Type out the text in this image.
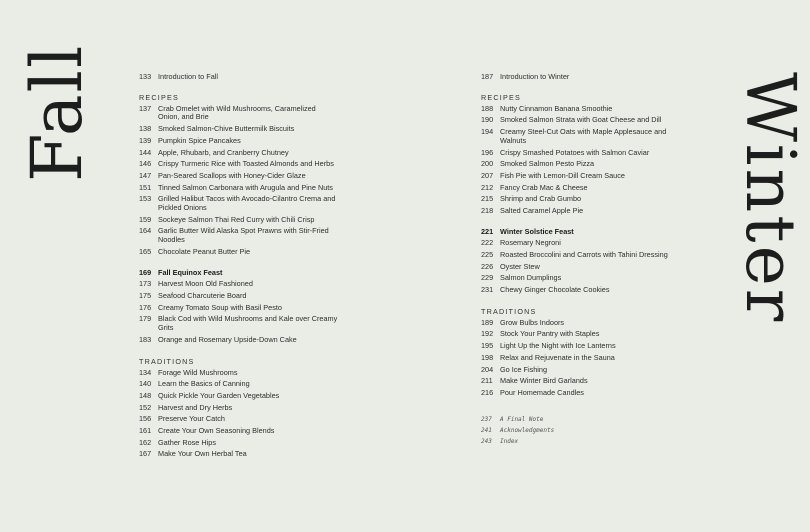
Fall	133 Introduction to Fall
RECIPES
137 Crab Omelet with Wild Mushrooms, Caramelized Onion, and Brie
138 Smoked Salmon-Chive Buttermilk Biscuits
139 Pumpkin Spice Pancakes
144 Apple, Rhubarb, and Cranberry Chutney
146 Crispy Turmeric Rice with Toasted Almonds and Herbs
147 Pan-Seared Scallops with Honey-Cider Glaze
151 Tinned Salmon Carbonara with Arugula and Pine Nuts
153 Grilled Halibut Tacos with Avocado-Cilantro Crema and Pickled Onions
159 Sockeye Salmon Thai Red Curry with Chili Crisp
164 Garlic Butter Wild Alaska Spot Prawns with Stir-Fried Noodles
165 Chocolate Peanut Butter Pie
169 Fall Equinox Feast
173 Harvest Moon Old Fashioned
175 Seafood Charcuterie Board
176 Creamy Tomato Soup with Basil Pesto
179 Black Cod with Wild Mushrooms and Kale over Creamy Grits
183 Orange and Rosemary Upside-Down Cake
TRADITIONS
134 Forage Wild Mushrooms
140 Learn the Basics of Canning
148 Quick Pickle Your Garden Vegetables
152 Harvest and Dry Herbs
156 Preserve Your Catch
161 Create Your Own Seasoning Blends
162 Gather Rose Hips
167 Make Your Own Herbal Tea
187 Introduction to Winter
RECIPES
188 Nutty Cinnamon Banana Smoothie
190 Smoked Salmon Strata with Goat Cheese and Dill
194 Creamy Steel-Cut Oats with Maple Applesauce and Walnuts
196 Crispy Smashed Potatoes with Salmon Caviar
200 Smoked Salmon Pesto Pizza
207 Fish Pie with Lemon-Dill Cream Sauce
212 Fancy Crab Mac & Cheese
215 Shrimp and Crab Gumbo
218 Salted Caramel Apple Pie
221 Winter Solstice Feast
222 Rosemary Negroni
225 Roasted Broccolini and Carrots with Tahini Dressing
226 Oyster Stew
229 Salmon Dumplings
231 Chewy Ginger Chocolate Cookies
TRADITIONS
189 Grow Bulbs Indoors
192 Stock Your Pantry with Staples
195 Light Up the Night with Ice Lanterns
198 Relax and Rejuvenate in the Sauna
204 Go Ice Fishing
211	Make Winter Bird Garlands
216 Pour Homemade Candles
237	A Final Note
241	Acknowledgments
243	Index
Winter
